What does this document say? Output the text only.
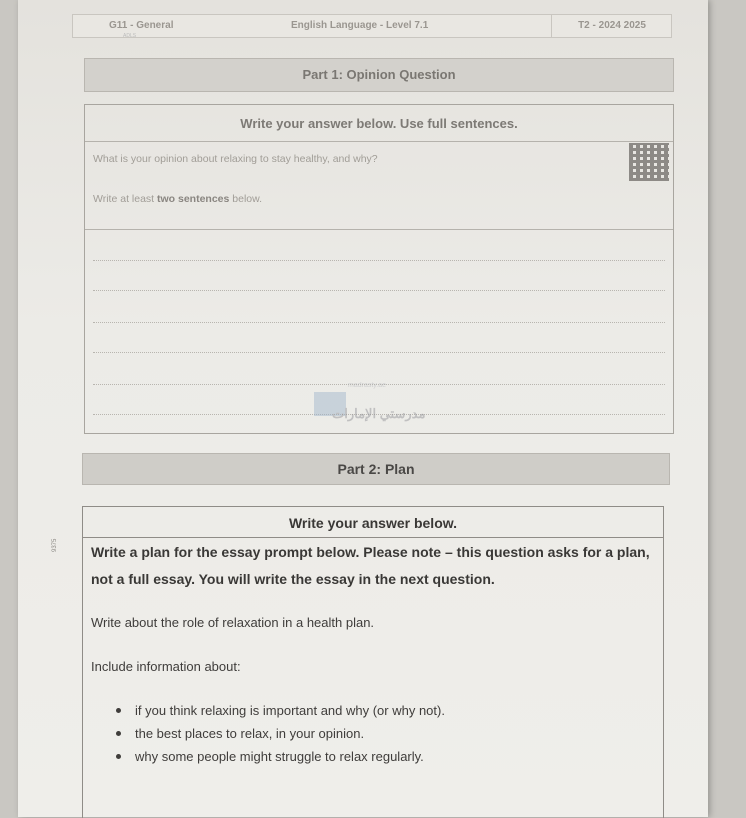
G11 - General
ADLS
English Language - Level 7.1	T2 - 2024 2025
Part 1: Opinion Question
Write your answer below. Use full sentences.
What is your opinion about relaxing to stay healthy, and why?
Write at least two sentences below.
madrasty.ae
مدرستي الإمارات
Part 2: Plan
Write your answer below.
Write a plan for the essay prompt below. Please note – this question asks for a plan, not a full essay. You will write the essay in the next question.
Write about the role of relaxation in a health plan.
Include information about:
if you think relaxing is important and why (or why not).
the best places to relax, in your opinion.
why some people might struggle to relax regularly.
9375
